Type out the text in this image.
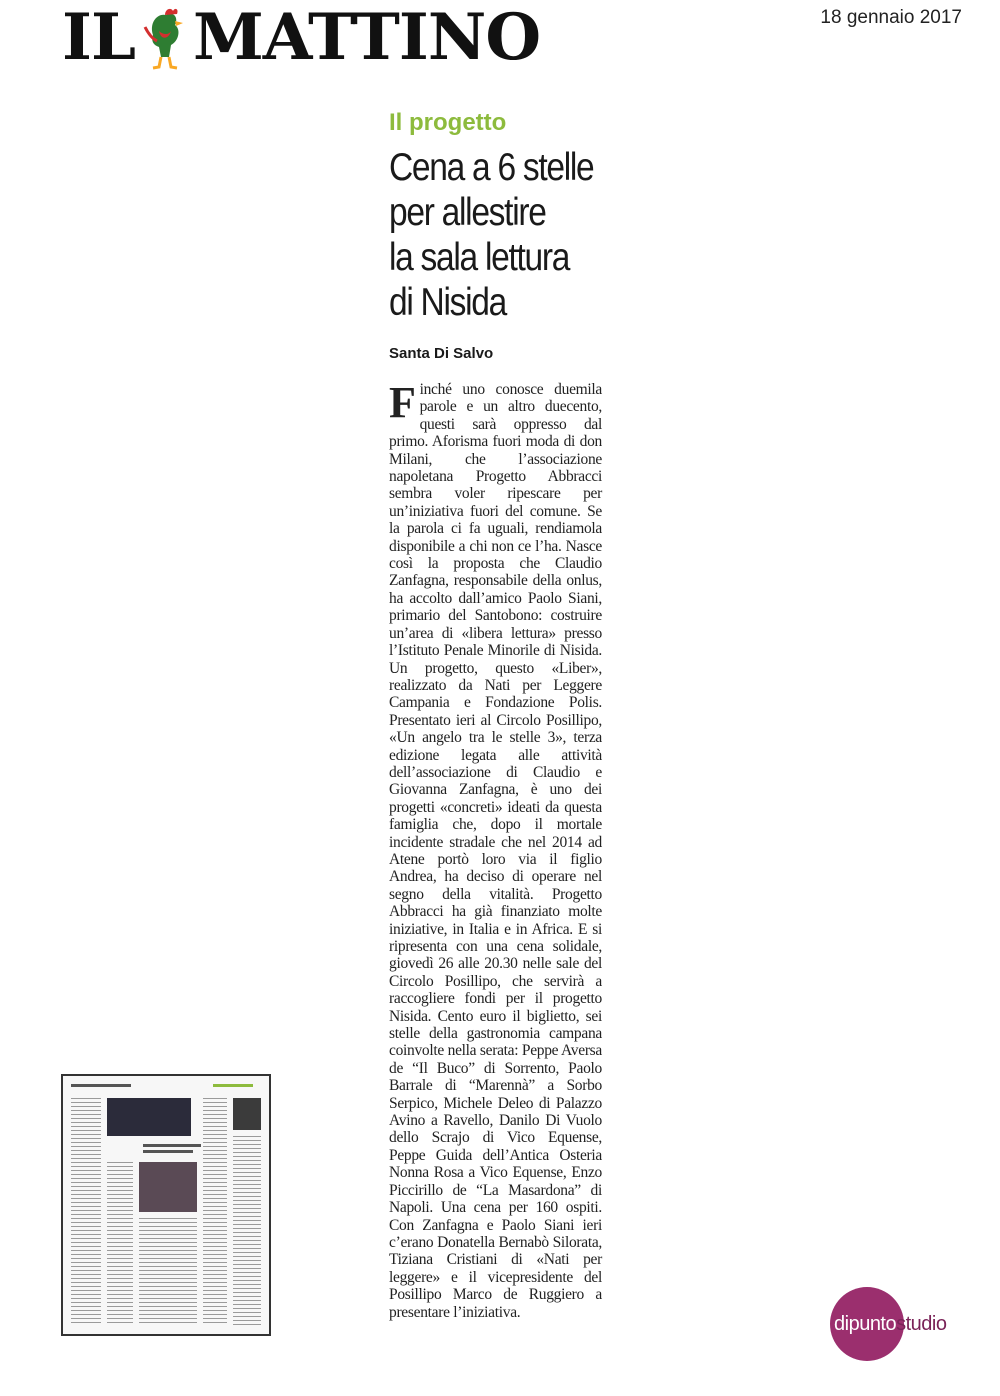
IL MATTINO	18 gennaio 2017
Il progetto
Cena a 6 stelle
per allestire
la sala lettura
di Nisida
Santa Di Salvo

Finché uno conosce duemila parole e un altro duecento, questi sarà oppresso dal primo. Aforisma fuori moda di don Milani, che l’associazione napoletana Progetto Abbracci sembra voler ripescare per un’iniziativa fuori del comune. Se la parola ci fa uguali, rendiamola disponibile a chi non ce l’ha. Nasce così la proposta che Claudio Zanfagna, responsabile della onlus, ha accolto dall’amico Paolo Siani, primario del Santobono: costruire un’area di «libera lettura» presso l’Istituto Penale Minorile di Nisida. Un progetto, questo «Liber», realizzato da Nati per Leggere Campania e Fondazione Polis. Presentato ieri al Circolo Posillipo, «Un angelo tra le stelle 3», terza edizione legata alle attività dell’associazione di Claudio e Giovanna Zanfagna, è uno dei progetti «concreti» ideati da questa famiglia che, dopo il mortale incidente stradale che nel 2014 ad Atene portò loro via il figlio Andrea, ha deciso di operare nel segno della vitalità. Progetto Abbracci ha già finanziato molte iniziative, in Italia e in Africa. E si ripresenta con una cena solidale, giovedì 26 alle 20.30 nelle sale del Circolo Posillipo, che servirà a raccogliere fondi per il progetto Nisida. Cento euro il biglietto, sei stelle della gastronomia campana coinvolte nella serata: Peppe Aversa de “Il Buco” di Sorrento, Paolo Barrale di “Marennà” a Sorbo Serpico, Michele Deleo di Palazzo Avino a Ravello, Danilo Di Vuolo dello Scrajo di Vico Equense, Peppe Guida dell’Antica Osteria Nonna Rosa a Vico Equense, Enzo Piccirillo de “La Masardona” di Napoli. Una cena per 160 ospiti. Con Zanfagna e Paolo Siani ieri c’erano Donatella Bernabò Silorata, Tiziana Cristiani di «Nati per leggere» e il vicepresidente del Posillipo Marco de Ruggiero a presentare l’iniziativa.

dipuntostudio
